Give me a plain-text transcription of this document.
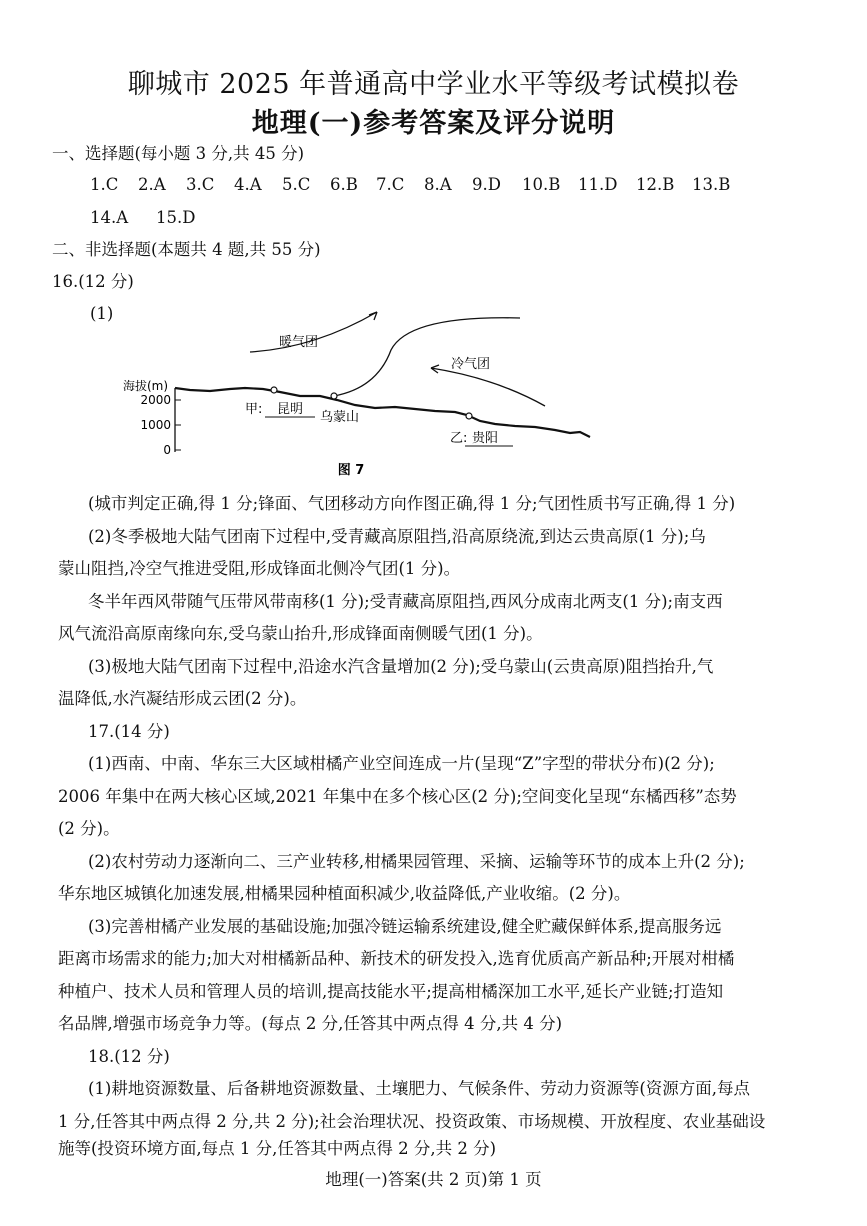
聊城市 2025 年普通高中学业水平等级考试模拟卷
地理(一)参考答案及评分说明
一、选择题(每小题 3 分,共 45 分)
1.C 2.A 3.C 4.A 5.C 6.B 7.C 8.A 9.D 10.B 11.D 12.B 13.B
14.A 15.D
二、非选择题(本题共 4 题,共 55 分)
16.(12 分)
(1)
暖气团
冷气团
海拔(m)
2000
1000
0
甲: 昆明
乌蒙山
乙: 贵阳
图 7
(城市判定正确,得 1 分;锋面、气团移动方向作图正确,得 1 分;气团性质书写正确,得 1 分)
(2)冬季极地大陆气团南下过程中,受青藏高原阻挡,沿高原绕流,到达云贵高原(1 分);乌
蒙山阻挡,冷空气推进受阻,形成锋面北侧冷气团(1 分)。
冬半年西风带随气压带风带南移(1 分);受青藏高原阻挡,西风分成南北两支(1 分);南支西
风气流沿高原南缘向东,受乌蒙山抬升,形成锋面南侧暖气团(1 分)。
(3)极地大陆气团南下过程中,沿途水汽含量增加(2 分);受乌蒙山(云贵高原)阻挡抬升,气
温降低,水汽凝结形成云团(2 分)。
17.(14 分)
(1)西南、中南、华东三大区域柑橘产业空间连成一片(呈现“Z”字型的带状分布)(2 分);
2006 年集中在两大核心区域,2021 年集中在多个核心区(2 分);空间变化呈现“东橘西移”态势
(2 分)。
(2)农村劳动力逐渐向二、三产业转移,柑橘果园管理、采摘、运输等环节的成本上升(2 分);
华东地区城镇化加速发展,柑橘果园种植面积减少,收益降低,产业收缩。(2 分)。
(3)完善柑橘产业发展的基础设施;加强冷链运输系统建设,健全贮藏保鲜体系,提高服务远
距离市场需求的能力;加大对柑橘新品种、新技术的研发投入,选育优质高产新品种;开展对柑橘
种植户、技术人员和管理人员的培训,提高技能水平;提高柑橘深加工水平,延长产业链;打造知
名品牌,增强市场竞争力等。(每点 2 分,任答其中两点得 4 分,共 4 分)
18.(12 分)
(1)耕地资源数量、后备耕地资源数量、土壤肥力、气候条件、劳动力资源等(资源方面,每点
1 分,任答其中两点得 2 分,共 2 分);社会治理状况、投资政策、市场规模、开放程度、农业基础设
施等(投资环境方面,每点 1 分,任答其中两点得 2 分,共 2 分)
地理(一)答案(共 2 页)第 1 页
